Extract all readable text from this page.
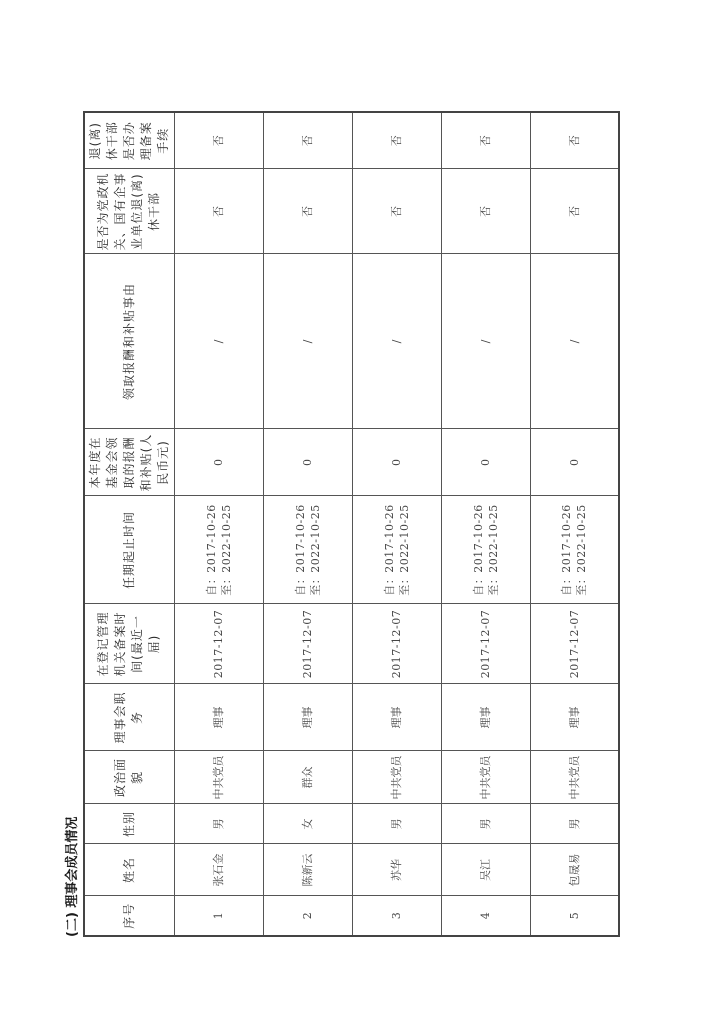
(二) 理事会成员情况	序号	姓名	性别	政治面貌	理事会职务	在登记管理机关备案时间(最近一届)	任期起止时间	本年度在基金会领取的报酬和补贴(人民币元)	领取报酬和补贴事由	是否为党政机关、国有企事业单位退(离)休干部	退(离)休干部是否办理备案手续
1	张石金	男	中共党员	理事	2017-12-07	自：2017-10-26 至：2022-10-25	0	/	否	否
2	陈新云	女	群众	理事	2017-12-07	自：2017-10-26 至：2022-10-25	0	/	否	否
3	苏华	男	中共党员	理事	2017-12-07	自：2017-10-26 至：2022-10-25	0	/	否	否
4	吴江	男	中共党员	理事	2017-12-07	自：2017-10-26 至：2022-10-25	0	/	否	否
5	包晟易	男	中共党员	理事	2017-12-07	自：2017-10-26 至：2022-10-25	0	/	否	否
